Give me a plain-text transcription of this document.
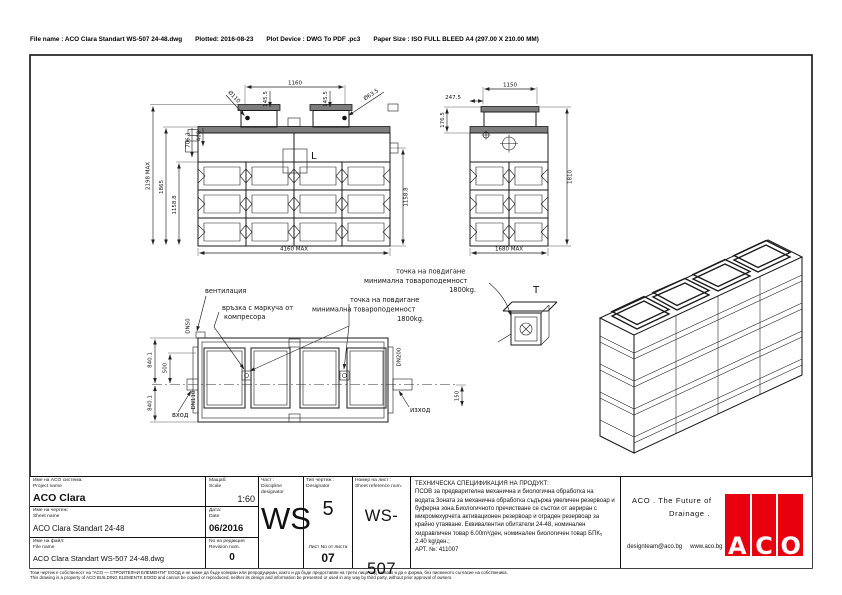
File name : ACO Clara Standart WS-507 24-48.dwg Plotted: 2016-08-23 Plot Device : DWG To PDF .pc3 Paper Size : ISO FULL BLEED A4 (297.00 X 210.00 MM)
L
2198 MAX 1865
1158.8
706.1 408
1158.8
1160
145.5	145.5
Ø110	Ø63.5
4160 MAX
1150
247.5
176.5
1810
1680 MAX
840.1
840.1
500
DN110
DN200
DN50
150
вход
изход
вентилация
връзка с маркуча от
компресора
точка на повдигане
минимална товароподемност
1800kg.
точка на повдигане
минимална товароподемност
1800kg.	T
Име на ACO система:
Project name
ACO Clara
Име на чертеж:
Sheet name
ACO Clara Standart 24-48
Име на файл:
File name
ACO Clara Standart WS-507 24-48.dwg
Мащаб:
Scale
1:60
Дата:
Date
06/2016
No на редакция
Revision num.
0
Част :
Discipline designator
WS
Тип чертеж :
Designator
5
Лист No от листа
07
Номер на лист :
Sheet reference num.
WS-507
ТЕХНИЧЕСКА СПЕЦИФИКАЦИЯ НА ПРОДУКТ:
ПСОВ за предварителна механична и биологична обработка на
водата.Зоната за механична обработка съдържа увеличен резервоар и
буферна зона.Биологичното пречистване се състои от аериран с
микромехурчета активационен резервоар и ограден резервоар за
крайно утаяване. Еквивалентни обитатели 24-48, номинален
хидравличен товар 6.00m³/ден, номинален биологичен товар БПК₅
2.40 kg/ден.;
АРТ. №: 411007
ACO . The Future of
Drainage .
designteam@aco.bg www.aco.bg A C O
Този чертеж е собственост на "АСО — СТРОИТЕЛНИ ЕЛЕМЕНТИ" ЕООД и не може да бъде копиран или репродуциран, както и да бъде предоставян на трети лица под каквато и да е форма, без писменото съгласие на собственика.
This drawing is a property of ACO BUILDING ELEMENTS EOOD and cannot be copied or reproduced, neither its design and information be presented or used in any way by third party, without prior approval of owners.
